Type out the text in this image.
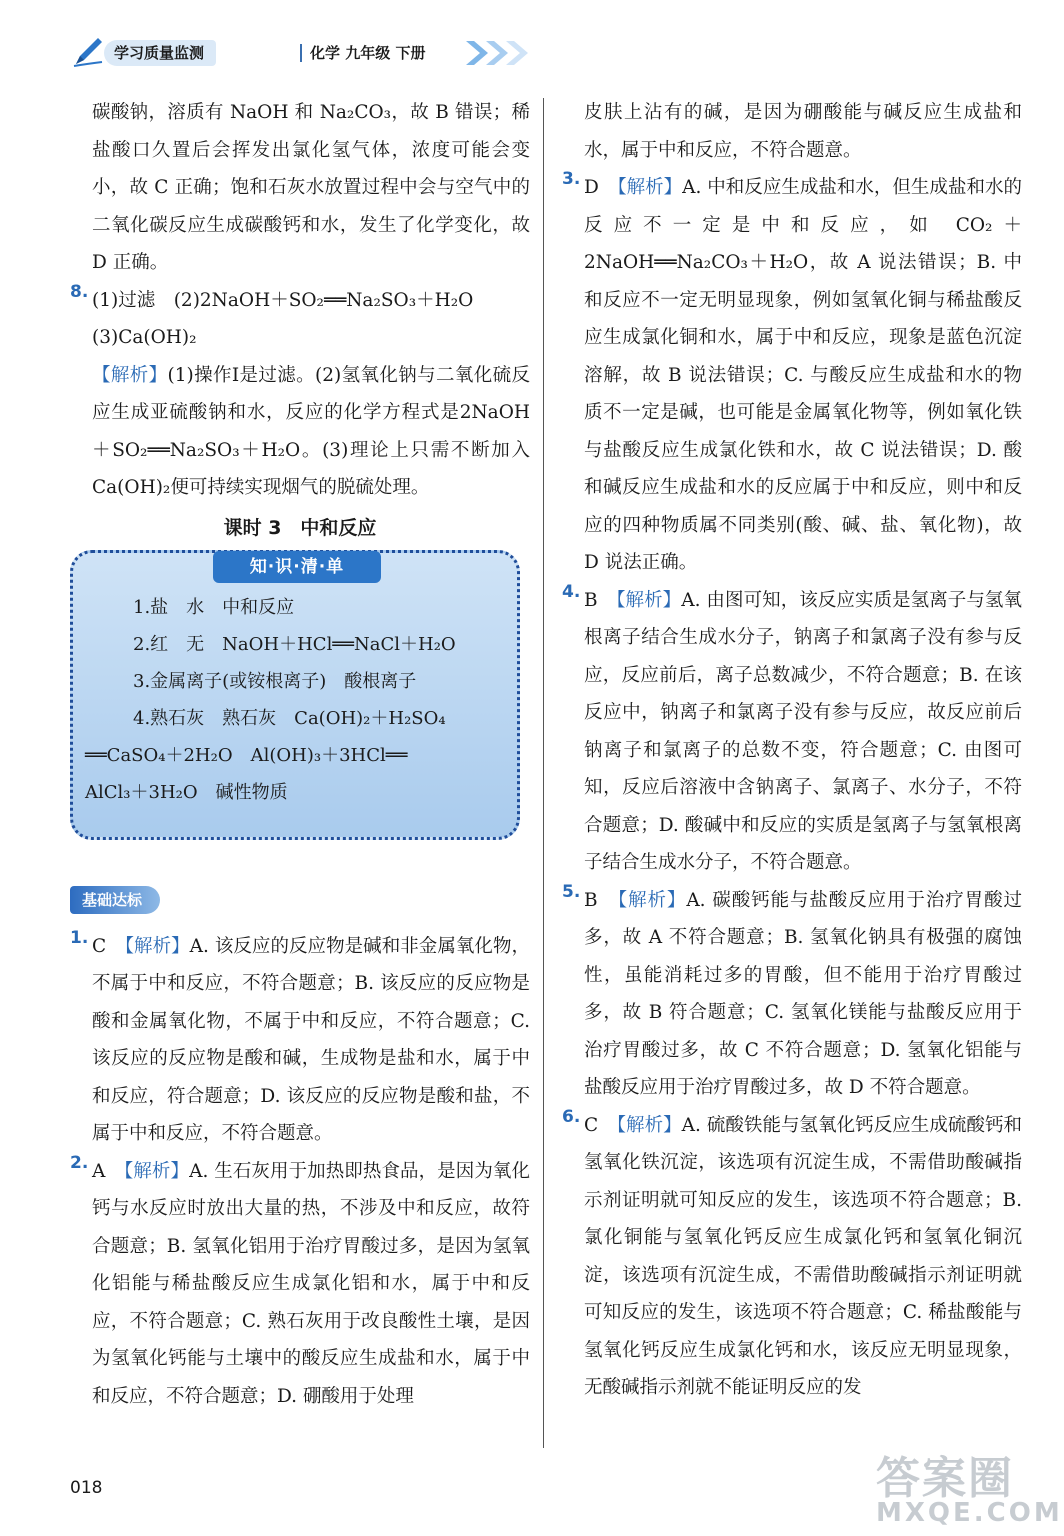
学习质量监测	化学 九年级 下册

碳酸钠，溶质有 NaOH 和 Na₂CO₃，故 B 错误；稀盐酸口久置后会挥发出氯化氢气体，浓度可能会变小，故 C 正确；饱和石灰水放置过程中会与空气中的二氧化碳反应生成碳酸钙和水，发生了化学变化，故 D 正确。

8. (1)过滤　(2)2NaOH＋SO₂══Na₂SO₃＋H₂O
(3)Ca(OH)₂
【解析】(1)操作Ⅰ是过滤。(2)氢氧化钠与二氧化硫反应生成亚硫酸钠和水，反应的化学方程式是2NaOH＋SO₂══Na₂SO₃＋H₂O。(3)理论上只需不断加入 Ca(OH)₂便可持续实现烟气的脱硫处理。
课时 3　中和反应
知·识·清·单
1.盐　水　中和反应
2.红　无　NaOH＋HCl══NaCl＋H₂O
3.金属离子(或铵根离子)　酸根离子
4.熟石灰　熟石灰　Ca(OH)₂＋H₂SO₄
══CaSO₄＋2H₂O　Al(OH)₃＋3HCl══
AlCl₃＋3H₂O　碱性物质
基础达标
1. C　【解析】A. 该反应的反应物是碱和非金属氧化物，不属于中和反应，不符合题意；B. 该反应的反应物是酸和金属氧化物，不属于中和反应，不符合题意；C. 该反应的反应物是酸和碱，生成物是盐和水，属于中和反应，符合题意；D. 该反应的反应物是酸和盐，不属于中和反应，不符合题意。
2. A　【解析】A. 生石灰用于加热即热食品，是因为氧化钙与水反应时放出大量的热，不涉及中和反应，故符合题意；B. 氢氧化铝用于治疗胃酸过多，是因为氢氧化铝能与稀盐酸反应生成氯化铝和水，属于中和反应，不符合题意；C. 熟石灰用于改良酸性土壤，是因为氢氧化钙能与土壤中的酸反应生成盐和水，属于中和反应，不符合题意；D. 硼酸用于处理

皮肤上沾有的碱，是因为硼酸能与碱反应生成盐和水，属于中和反应，不符合题意。

3. D　【解析】A. 中和反应生成盐和水，但生成盐和水的反应不一定是中和反应，如 CO₂＋2NaOH══Na₂CO₃＋H₂O，故 A 说法错误；B. 中和反应不一定无明显现象，例如氢氧化铜与稀盐酸反应生成氯化铜和水，属于中和反应，现象是蓝色沉淀溶解，故 B 说法错误；C. 与酸反应生成盐和水的物质不一定是碱，也可能是金属氧化物等，例如氧化铁与盐酸反应生成氯化铁和水，故 C 说法错误；D. 酸和碱反应生成盐和水的反应属于中和反应，则中和反应的四种物质属不同类别(酸、碱、盐、氧化物)，故 D 说法正确。
4. B　【解析】A. 由图可知，该反应实质是氢离子与氢氧根离子结合生成水分子，钠离子和氯离子没有参与反应，反应前后，离子总数减少，不符合题意；B. 在该反应中，钠离子和氯离子没有参与反应，故反应前后钠离子和氯离子的总数不变，符合题意；C. 由图可知，反应后溶液中含钠离子、氯离子、水分子，不符合题意；D. 酸碱中和反应的实质是氢离子与氢氧根离子结合生成水分子，不符合题意。
5. B　【解析】A. 碳酸钙能与盐酸反应用于治疗胃酸过多，故 A 不符合题意；B. 氢氧化钠具有极强的腐蚀性，虽能消耗过多的胃酸，但不能用于治疗胃酸过多，故 B 符合题意；C. 氢氧化镁能与盐酸反应用于治疗胃酸过多，故 C 不符合题意；D. 氢氧化铝能与盐酸反应用于治疗胃酸过多，故 D 不符合题意。
6. C　【解析】A. 硫酸铁能与氢氧化钙反应生成硫酸钙和氢氧化铁沉淀，该选项有沉淀生成，不需借助酸碱指示剂证明就可知反应的发生，该选项不符合题意；B. 氯化铜能与氢氧化钙反应生成氯化钙和氢氧化铜沉淀，该选项有沉淀生成，不需借助酸碱指示剂证明就可知反应的发生，该选项不符合题意；C. 稀盐酸能与氢氧化钙反应生成氯化钙和水，该反应无明显现象，无酸碱指示剂就不能证明反应的发
018	答案圈
MXQE.COM
